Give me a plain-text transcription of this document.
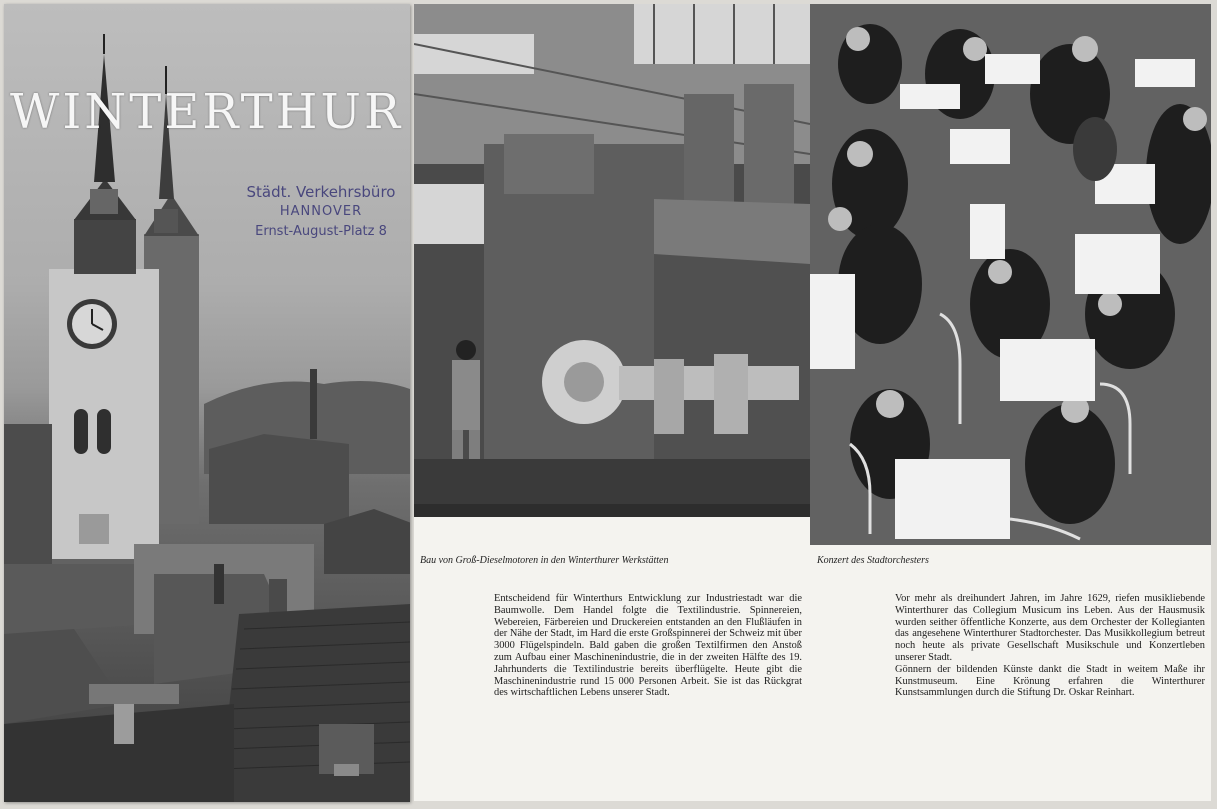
WINTERTHUR
Städt. Verkehrsbüro
HANNOVER
Ernst-August-Platz 8
Bau von Groß-Dieselmotoren in den Winterthurer Werkstätten

Entscheidend für Winterthurs Entwicklung zur Industriestadt war die Baumwolle. Dem Handel folgte die Textilindustrie. Spinnereien, Webereien, Färbereien und Druckereien entstanden an den Flußläufen in der Nähe der Stadt, im Hard die erste Großspinnerei der Schweiz mit über 3000 Flügelspindeln. Bald gaben die großen Textilfirmen den Anstoß zum Aufbau einer Maschinenindustrie, die in der zweiten Hälfte des 19. Jahrhunderts die Textilindustrie bereits überflügelte. Heute gibt die Maschinenindustrie rund 15 000 Personen Arbeit. Sie ist das Rückgrat des wirtschaftlichen Lebens unserer Stadt.

Konzert des Stadtorchesters

Vor mehr als dreihundert Jahren, im Jahre 1629, riefen musikliebende Winterthurer das Collegium Musicum ins Leben. Aus der Hausmusik wurden seither öffentliche Konzerte, aus dem Orchester der Kollegianten das angesehene Winterthurer Stadtorchester. Das Musikkollegium betreut noch heute als private Gesellschaft Musikschule und Konzertleben unserer Stadt.

Gönnern der bildenden Künste dankt die Stadt in weitem Maße ihr Kunstmuseum. Eine Krönung erfahren die Winterthurer Kunstsammlungen durch die Stiftung Dr. Oskar Reinhart.
